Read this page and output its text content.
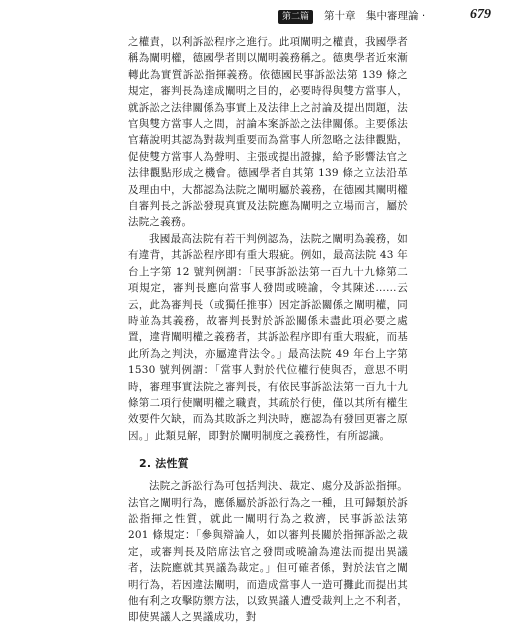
第二篇	第十章　集中審理論 ·	679

之權責，以利訴訟程序之進行。此項闡明之權責，我國學者稱為闡明權，德國學者則以闡明義務稱之。德奧學者近來漸轉此為實質訴訟指揮義務。依德國民事訴訟法第 139 條之規定，審判長為達成闡明之目的，必要時得與雙方當事人，就訴訟之法律關係為事實上及法律上之討論及提出問題，法官與雙方當事人之間，討論本案訴訟之法律關係。主要係法官藉說明其認為對裁判重要而為當事人所忽略之法律觀點，促使雙方當事人為聲明、主張或提出證據，給予影響法官之法律觀點形成之機會。德國學者自其第 139 條之立法沿革及理由中，大都認為法院之闡明屬於義務，在德國其闡明權自審判長之訴訟發現真實及法院應為闡明之立場而言，屬於法院之義務。

我國最高法院有若干判例認為，法院之闡明為義務，如有違背，其訴訟程序即有重大瑕疵。例如，最高法院 43 年台上字第 12 號判例謂：「民事訴訟法第一百九十九條第二項規定，審判長應向當事人發問或曉諭，令其陳述……云云，此為審判長（或獨任推事）因定訴訟關係之闡明權，同時並為其義務，故審判長對於訴訟關係未盡此項必要之處置，違背闡明權之義務者，其訴訟程序即有重大瑕疵，而基此所為之判決，亦屬違背法令。」最高法院 49 年台上字第 1530 號判例謂：「當事人對於代位權行使與否，意思不明時，審理事實法院之審判長，有依民事訴訟法第一百九十九條第二項行使闡明權之職責，其疏於行使，僅以其所有權生效要件欠缺，而為其敗訴之判決時，應認為有發回更審之原因。」此類見解，即對於闡明制度之義務性，有所認識。

2. 法性質

法院之訴訟行為可包括判決、裁定、處分及訴訟指揮。法官之闡明行為，應係屬於訴訟行為之一種，且可歸類於訴訟指揮之性質，就此一闡明行為之救濟，民事訴訟法第 201 條規定：「參與辯論人，如以審判長關於指揮訴訟之裁定，或審判長及陪席法官之發問或曉諭為違法而提出異議者，法院應就其異議為裁定。」但可確者係，對於法官之闡明行為，若因違法闡明，而造成當事人一造可攤此而提出其他有利之攻擊防禦方法，以致異議人遭受裁判上之不利者，即使異議人之異議成功，對
